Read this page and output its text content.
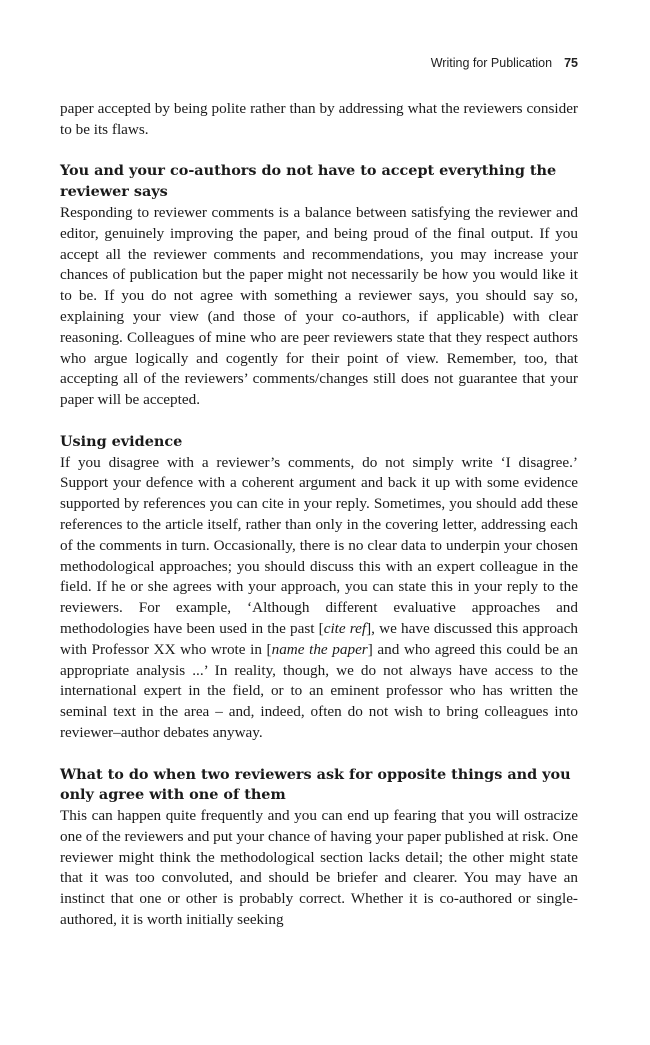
Writing for Publication 75

paper accepted by being polite rather than by addressing what the reviewers consider to be its flaws.

You and your co-authors do not have to accept everything the reviewer says

Responding to reviewer comments is a balance between satisfying the reviewer and editor, genuinely improving the paper, and being proud of the final output. If you accept all the reviewer comments and recommendations, you may increase your chances of publication but the paper might not necessarily be how you would like it to be. If you do not agree with something a reviewer says, you should say so, explaining your view (and those of your co-authors, if applicable) with clear reasoning. Colleagues of mine who are peer reviewers state that they respect authors who argue logically and cogently for their point of view. Remember, too, that accepting all of the reviewers’ comments/changes still does not guarantee that your paper will be accepted.

Using evidence

If you disagree with a reviewer’s comments, do not simply write ‘I disagree.’ Support your defence with a coherent argument and back it up with some evidence supported by references you can cite in your reply. Sometimes, you should add these references to the article itself, rather than only in the covering letter, addressing each of the comments in turn. Occasionally, there is no clear data to underpin your chosen methodological approaches; you should discuss this with an expert colleague in the field. If he or she agrees with your approach, you can state this in your reply to the reviewers. For example, ‘Although different evaluative approaches and methodologies have been used in the past [cite ref], we have discussed this approach with Professor XX who wrote in [name the paper] and who agreed this could be an appropriate analysis ...’ In reality, though, we do not always have access to the international expert in the field, or to an eminent professor who has written the seminal text in the area – and, indeed, often do not wish to bring colleagues into reviewer–author debates anyway.

What to do when two reviewers ask for opposite things and you only agree with one of them

This can happen quite frequently and you can end up fearing that you will ostracize one of the reviewers and put your chance of having your paper published at risk. One reviewer might think the methodological section lacks detail; the other might state that it was too convoluted, and should be briefer and clearer. You may have an instinct that one or other is probably correct. Whether it is co-authored or single-authored, it is worth initially seeking
